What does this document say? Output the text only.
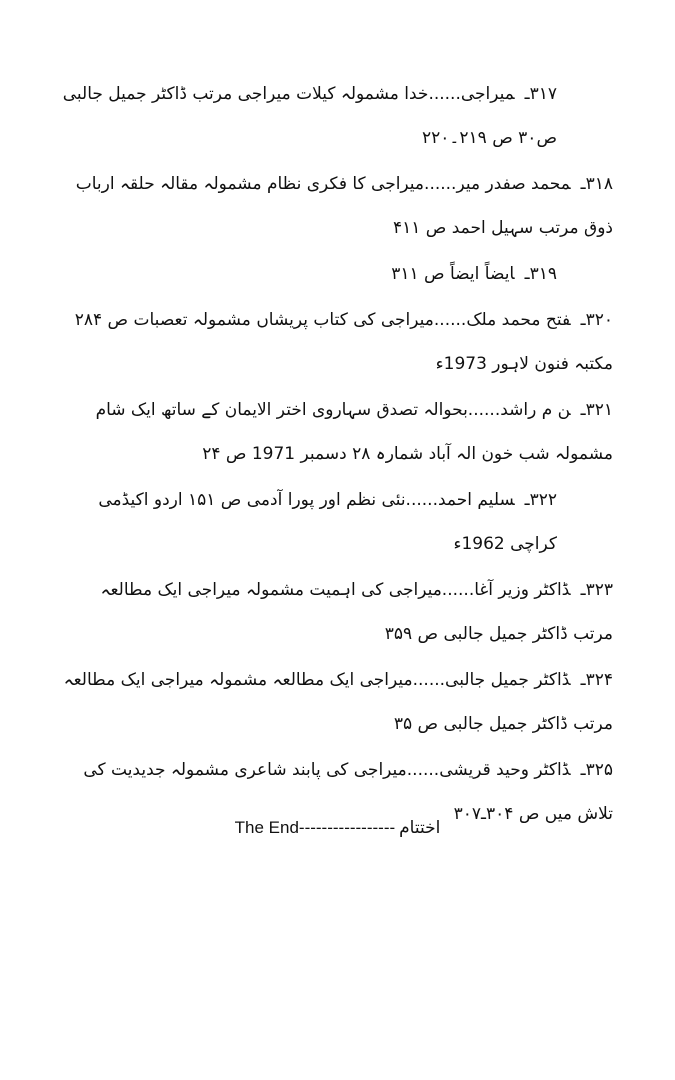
۳۱۷ـمیراجی......خدا مشمولہ کیلات میراجی مرتب ڈاکٹر جمیل جالبی ص۳۰ ص ۲۱۹۔۲۲۰

۳۱۸ـمحمد صفدر میر......میراجی کا فکری نظام مشمولہ مقالہ حلقہ ارباب ذوق مرتب سہیل احمد ص ۴۱۱

۳۱۹ـایضاً ایضاً ص ۳۱۱

۳۲۰ـفتح محمد ملک......میراجی کی کتاب پریشاں مشمولہ تعصبات ص ۲۸۴ مکتبہ فنون لاہور 1973ء

۳۲۱ـن م راشد......بحوالہ تصدق سہاروی اختر الایمان کے ساتھ ایک شام مشمولہ شب خون الہ آباد شمارہ ۲۸ دسمبر 1971 ص ۲۴

۳۲۲ـسلیم احمد......نئی نظم اور پورا آدمی ص ۱۵۱ اردو اکیڈمی کراچی 1962ء

۳۲۳ـڈاکٹر وزیر آغا......میراجی کی اہمیت مشمولہ میراجی ایک مطالعہ مرتب ڈاکٹر جمیل جالبی ص ۳۵۹

۳۲۴ـڈاکٹر جمیل جالبی......میراجی ایک مطالعہ مشمولہ میراجی ایک مطالعہ مرتب ڈاکٹر جمیل جالبی ص ۳۵

۳۲۵ـڈاکٹر وحید قریشی......میراجی کی پابند شاعری مشمولہ جدیدیت کی تلاش میں ص ۳۰۴ـ۳۰۷

The End----------------- اختتام
